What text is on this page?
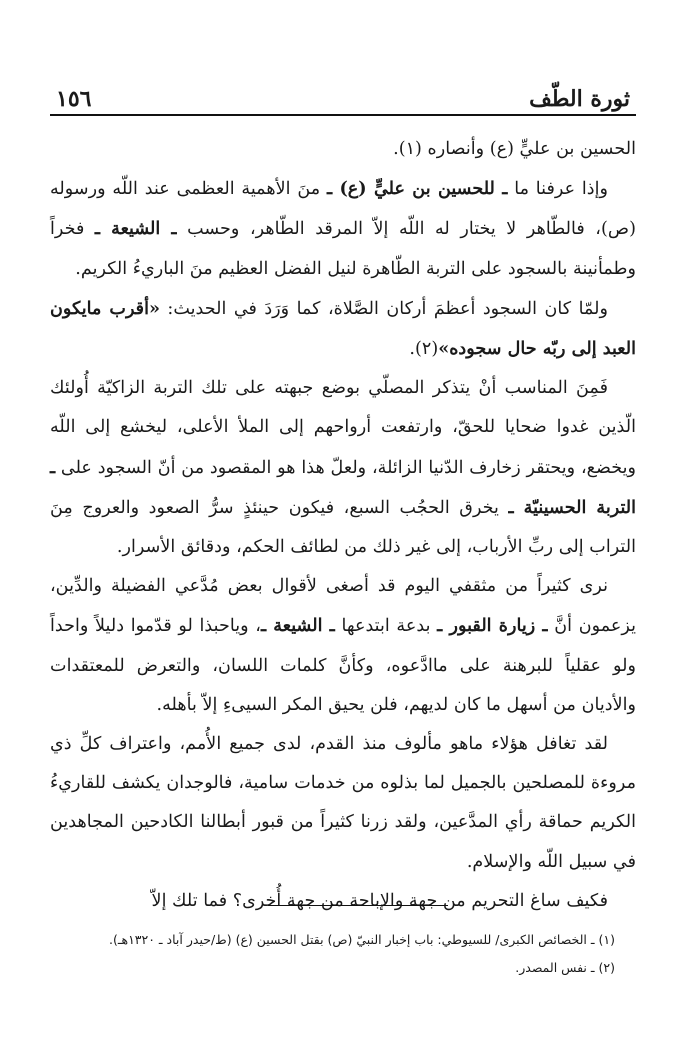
ثورة الطّف
١٥٦

الحسين بن عليٍّ (ع) وأنصاره (١).

وإذا عرفنا ما ـ للحسين بن عليٍّ (ع) ـ منَ الأهمية العظمى عند اللّه ورسوله (ص)، فالطّاهر لا يختار له اللّه إلاّ المرقد الطّاهر، وحسب ـ الشيعة ـ فخراً وطمأنينة بالسجود على التربة الطّاهرة لنيل الفضل العظيم منَ الباريءُ الكريم.

ولمّا كان السجود أعظمَ أركان الصَّلاة، كما وَرَدَ في الحديث: «أقرب مايكون العبد إلى ربّه حال سجوده»(٢).

فَمِنَ المناسب أنْ يتذكر المصلّي بوضع جبهته على تلك التربة الزاكيّة أُولئك الّذين غدوا ضحايا للحقّ، وارتفعت أرواحهم إلى الملأ الأعلى، ليخشع إلى اللّه ويخضع، ويحتقر زخارف الدّنيا الزائلة، ولعلّ هذا هو المقصود من أنّ السجود على ـ التربة الحسينيّة ـ يخرق الحجُب السبع، فيكون حينئذٍ سرُّ الصعود والعروج مِنَ التراب إلى ربِّ الأرباب، إلى غير ذلك من لطائف الحكم، ودقائق الأسرار.

نرى كثيراً من مثقفي اليوم قد أصغى لأقوال بعض مُدَّعي الفضيلة والدِّين، يزعمون أنَّ ـ زيارة القبور ـ بدعة ابتدعها ـ الشيعة ـ، وياحبذا لو قدّموا دليلاً واحداً ولو عقلياً للبرهنة على ماادَّعوه، وكأنَّ كلمات اللسان، والتعرض للمعتقدات والأديان من أسهل ما كان لديهم، فلن يحيق المكر السيىءِ إلاّ بأهله.

لقد تغافل هؤلاء ماهو مألوف منذ القدم، لدى جميع الأُمم، واعتراف كلِّ ذي مروءة للمصلحين بالجميل لما بذلوه من خدمات سامية، فالوجدان يكشف للقاريءُ الكريم حماقة رأي المدَّعين، ولقد زرنا كثيراً من قبور أبطالنا الكادحين المجاهدين في سبيل اللّه والإسلام.

فكيف ساغ التحريم من جهة والإباحة من جهة أُخرى؟ فما تلك إلاّ

(١) ـ الخصائص الكبرى/ للسيوطي: باب إخبار النبيّ (ص) بقتل الحسين (ع) (ط/حيدر آباد ـ ١٣٢٠هـ).

(٢) ـ نفس المصدر.
